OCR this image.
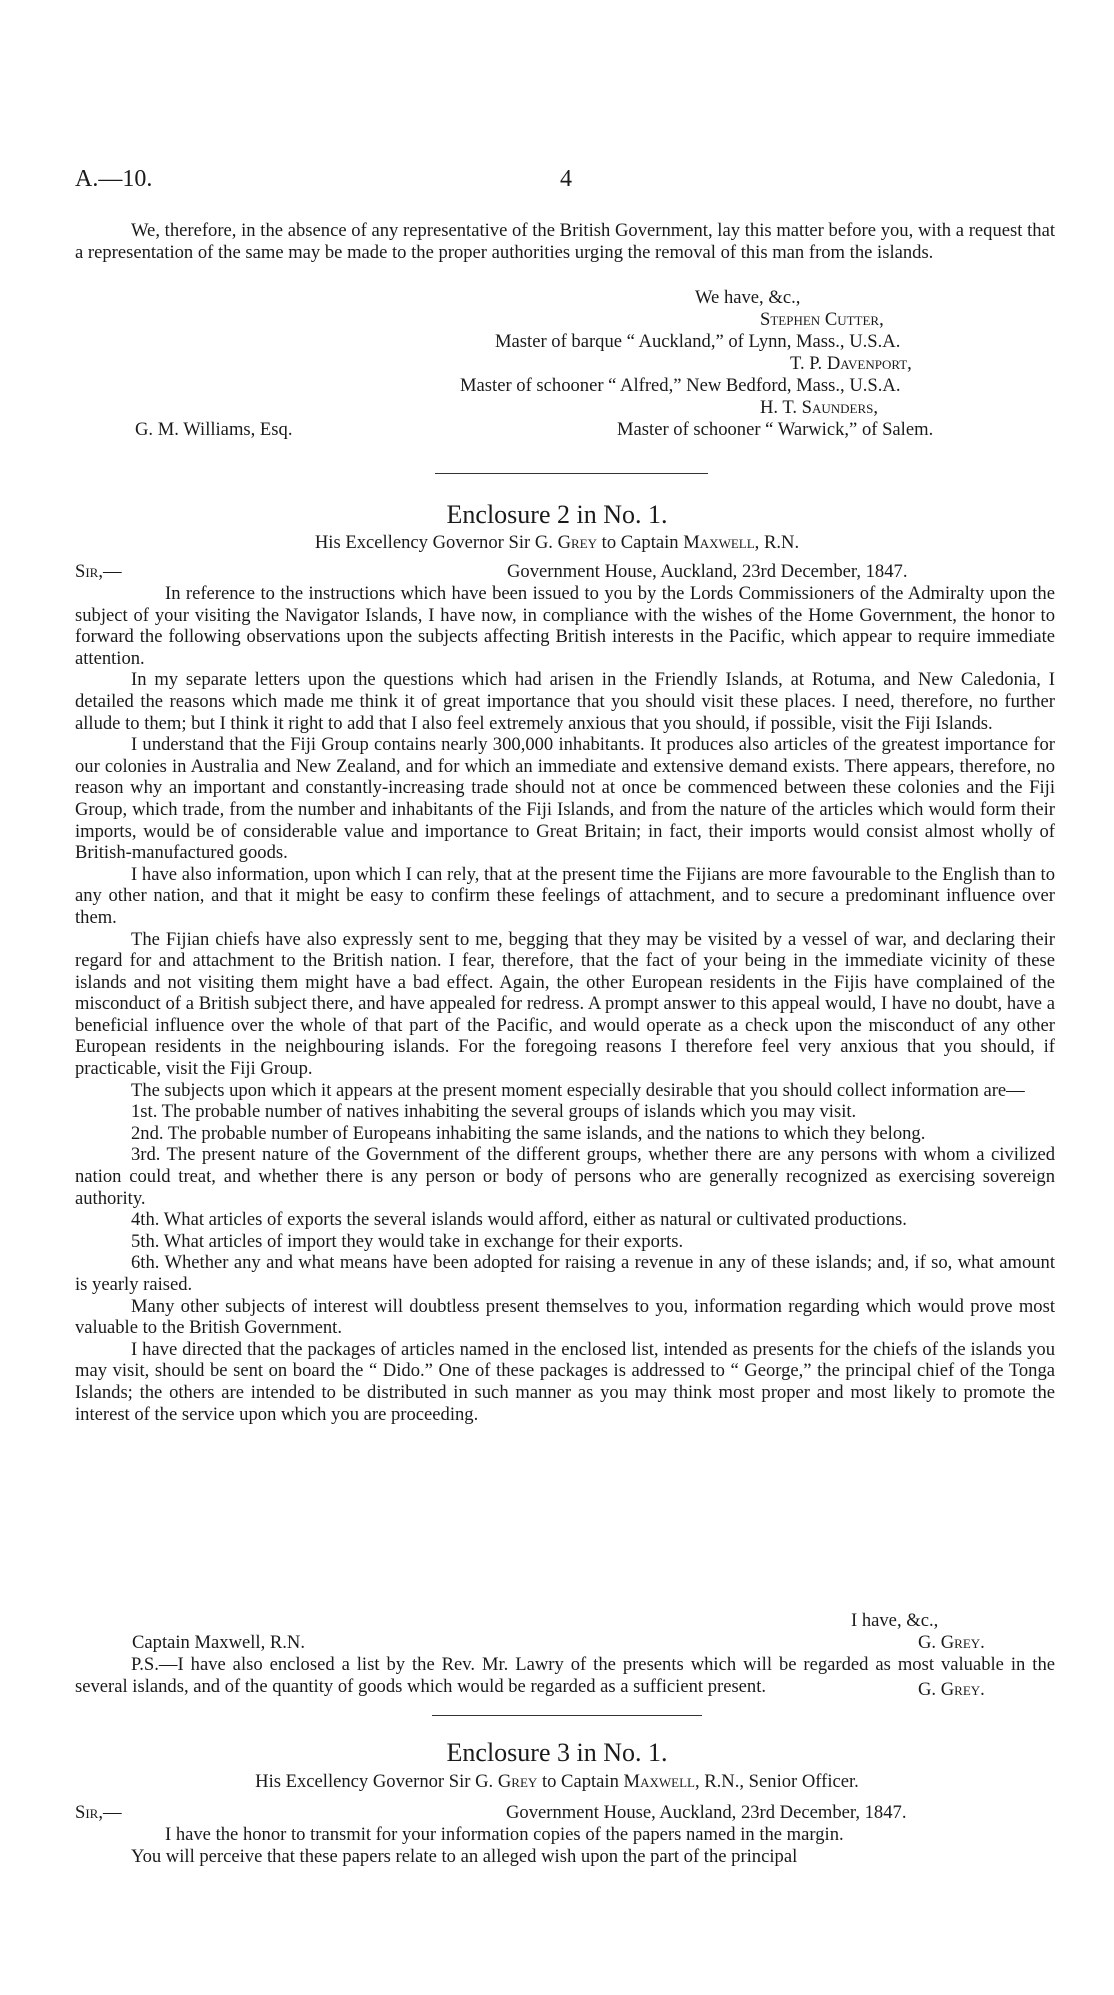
A.—10.	4

We, therefore, in the absence of any representative of the British Government, lay this matter before you, with a request that a representation of the same may be made to the proper authorities urging the removal of this man from the islands.

We have, &c.,
Stephen Cutter,
Master of barque “ Auckland,” of Lynn, Mass., U.S.A.
T. P. Davenport,
Master of schooner “ Alfred,” New Bedford, Mass., U.S.A.
H. T. Saunders,
G. M. Williams, Esq.	Master of schooner “ Warwick,” of Salem.
Enclosure 2 in No. 1.
His Excellency Governor Sir G. Grey to Captain Maxwell, R.N.
Sir,—	Government House, Auckland, 23rd December, 1847.

In reference to the instructions which have been issued to you by the Lords Commissioners of the Admiralty upon the subject of your visiting the Navigator Islands, I have now, in compliance with the wishes of the Home Government, the honor to forward the following observations upon the subjects affecting British interests in the Pacific, which appear to require immediate attention.

In my separate letters upon the questions which had arisen in the Friendly Islands, at Rotuma, and New Caledonia, I detailed the reasons which made me think it of great importance that you should visit these places. I need, therefore, no further allude to them; but I think it right to add that I also feel extremely anxious that you should, if possible, visit the Fiji Islands.

I understand that the Fiji Group contains nearly 300,000 inhabitants. It produces also articles of the greatest importance for our colonies in Australia and New Zealand, and for which an immediate and extensive demand exists. There appears, therefore, no reason why an important and constantly-increasing trade should not at once be commenced between these colonies and the Fiji Group, which trade, from the number and inhabitants of the Fiji Islands, and from the nature of the articles which would form their imports, would be of considerable value and importance to Great Britain; in fact, their imports would consist almost wholly of British-manufactured goods.

I have also information, upon which I can rely, that at the present time the Fijians are more favourable to the English than to any other nation, and that it might be easy to confirm these feelings of attachment, and to secure a predominant influence over them.

The Fijian chiefs have also expressly sent to me, begging that they may be visited by a vessel of war, and declaring their regard for and attachment to the British nation. I fear, therefore, that the fact of your being in the immediate vicinity of these islands and not visiting them might have a bad effect. Again, the other European residents in the Fijis have complained of the misconduct of a British subject there, and have appealed for redress. A prompt answer to this appeal would, I have no doubt, have a beneficial influence over the whole of that part of the Pacific, and would operate as a check upon the misconduct of any other European residents in the neighbouring islands. For the foregoing reasons I therefore feel very anxious that you should, if practicable, visit the Fiji Group.

The subjects upon which it appears at the present moment especially desirable that you should collect information are—

1st. The probable number of natives inhabiting the several groups of islands which you may visit.

2nd. The probable number of Europeans inhabiting the same islands, and the nations to which they belong.

3rd. The present nature of the Government of the different groups, whether there are any persons with whom a civilized nation could treat, and whether there is any person or body of persons who are generally recognized as exercising sovereign authority.

4th. What articles of exports the several islands would afford, either as natural or cultivated productions.

5th. What articles of import they would take in exchange for their exports.

6th. Whether any and what means have been adopted for raising a revenue in any of these islands; and, if so, what amount is yearly raised.

Many other subjects of interest will doubtless present themselves to you, information regarding which would prove most valuable to the British Government.

I have directed that the packages of articles named in the enclosed list, intended as presents for the chiefs of the islands you may visit, should be sent on board the “ Dido.” One of these packages is addressed to “ George,” the principal chief of the Tonga Islands; the others are intended to be distributed in such manner as you may think most proper and most likely to promote the interest of the service upon which you are proceeding.

I have, &c.,
Captain Maxwell, R.N.	G. Grey.

P.S.—I have also enclosed a list by the Rev. Mr. Lawry of the presents which will be regarded as most valuable in the several islands, and of the quantity of goods which would be regarded as a sufficient present.	G. Grey.
Enclosure 3 in No. 1.
His Excellency Governor Sir G. Grey to Captain Maxwell, R.N., Senior Officer.
Sir,—	Government House, Auckland, 23rd December, 1847.

I have the honor to transmit for your information copies of the papers named in the margin.

You will perceive that these papers relate to an alleged wish upon the part of the principal
